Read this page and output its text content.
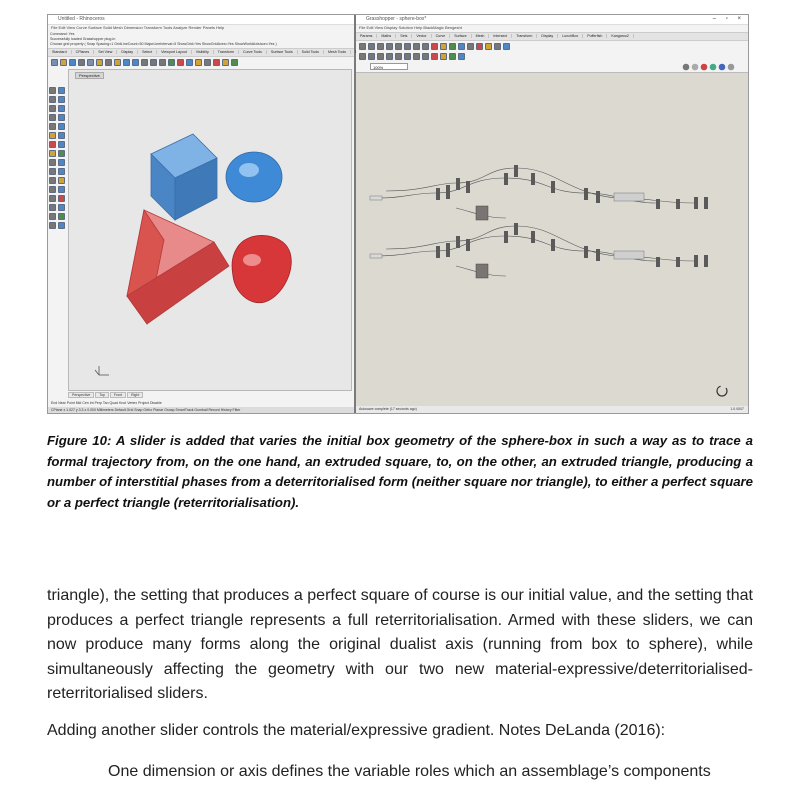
Untitled - Rhinoceros
File Edit View Curve Surface Solid Mesh Dimension Transform Tools Analyze Render Panels Help
Command: Yes
Successfully loaded Grasshopper plug-in
Choose grid property ( Snap Spacing=1 GridLineCount=50 MajorLineInterval=5 ShowGrid=Yes ShowGridAxes=Yes ShowWorldAxisIcon=Yes )
Standard	CPlanes	Set View	Display	Select	Viewport Layout	Visibility	Transform	Curve Tools	Surface Tools	Solid Tools	Mesh Tools
Perspective
Perspective	Top	Front	Right
End Near Point Mid Cen Int Perp Tan Quad Knot Vertex Project Disable
CPlane x 1.027 y 3.3 z 0.000 Millimeters Default Grid Snap Ortho Planar Osnap SmartTrack Gumball Record History Filter
Grasshopper - sphere-box*	– ▫ ×
File Edit View Display Solution Help BlackMagic Bengesht
Params	Maths	Sets	Vector	Curve	Surface	Mesh	Intersect	Transform	Display	LunchBox	Pufferfish	Kangaroo2
100%
Autosave complete (17 seconds ago)	1.0.0007
Figure 10: A slider is added that varies the initial box geometry of the sphere-box in such a way as to trace a formal trajectory from, on the one hand, an extruded square, to, on the other, an extruded triangle, producing a number of interstitial phases from a deterritorialised form (neither square nor triangle), to either a perfect square or a perfect triangle (reterritorialisation).

triangle), the setting that produces a perfect square of course is our initial value, and the setting that produces a perfect triangle represents a full reterritorialisation. Armed with these sliders, we can now produce many forms along the original dualist axis (running from box to sphere), while simultaneously affecting the geometry with our two new material-expressive/deterritorialised-reterritorialised sliders.

Adding another slider controls the material/expressive gradient. Notes DeLanda (2016):

One dimension or axis defines the variable roles which an assemblage’s components
